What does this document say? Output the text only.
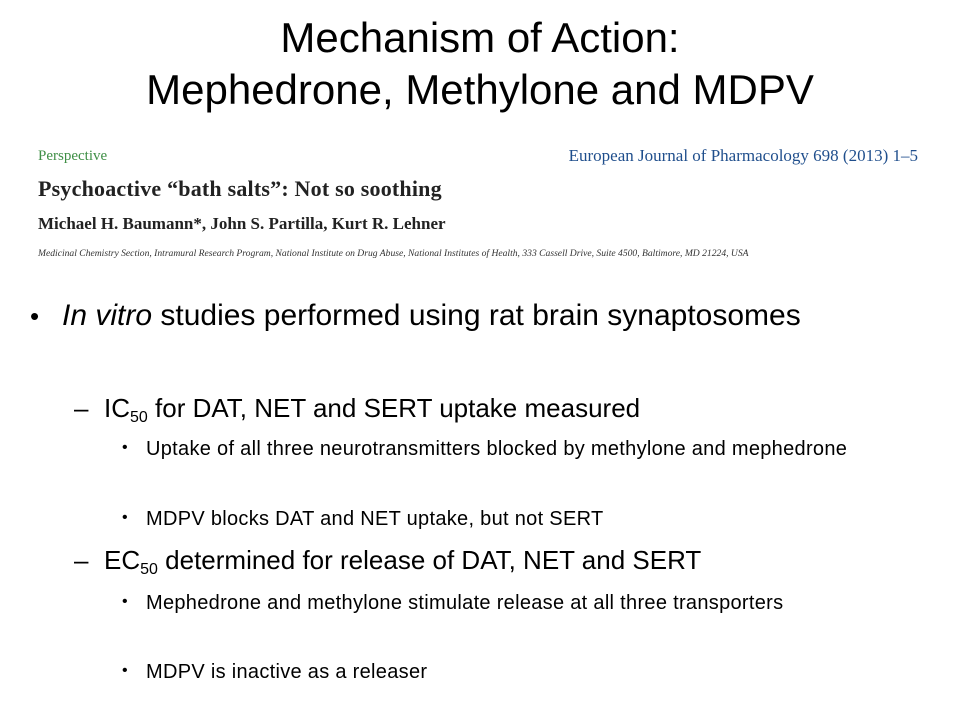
Mechanism of Action:
Mephedrone, Methylone and MDPV
Perspective	European Journal of Pharmacology 698 (2013) 1–5
Psychoactive “bath salts”: Not so soothing
Michael H. Baumann*, John S. Partilla, Kurt R. Lehner
Medicinal Chemistry Section, Intramural Research Program, National Institute on Drug Abuse, National Institutes of Health, 333 Cassell Drive, Suite 4500, Baltimore, MD 21224, USA
• In vitro studies performed using rat brain synaptosomes
– $IC_{50}$ for DAT, NET and SERT uptake measured
• Uptake of all three neurotransmitters blocked by methylone and mephedrone
• MDPV blocks DAT and NET uptake, but not SERT
– $EC_{50}$ determined for release of DAT, NET and SERT
• Mephedrone and methylone stimulate release at all three transporters
• MDPV is inactive as a releaser
